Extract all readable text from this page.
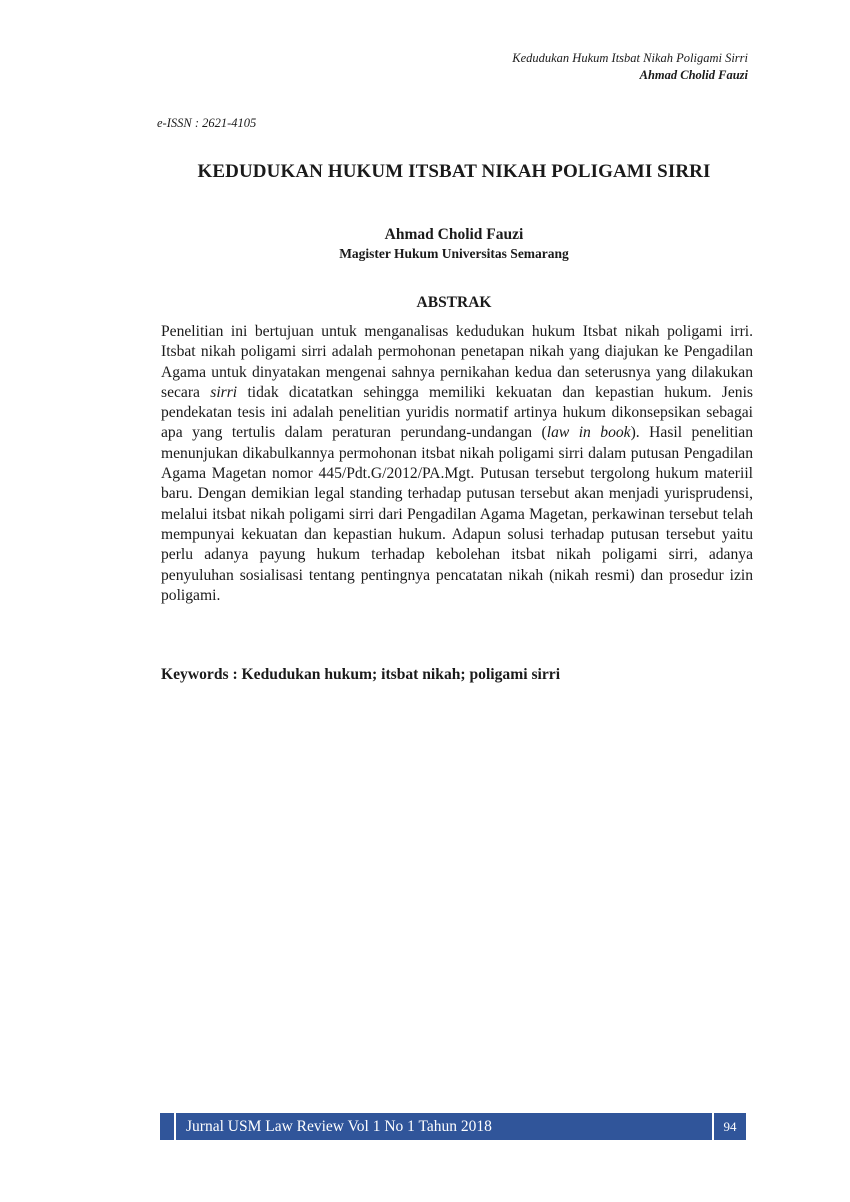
Kedudukan Hukum Itsbat Nikah Poligami Sirri
Ahmad Cholid Fauzi
e-ISSN : 2621-4105
KEDUDUKAN HUKUM ITSBAT NIKAH POLIGAMI SIRRI
Ahmad Cholid Fauzi
Magister Hukum Universitas Semarang
ABSTRAK

Penelitian ini bertujuan untuk menganalisas kedudukan hukum Itsbat nikah poligami irri. Itsbat nikah poligami sirri adalah permohonan penetapan nikah yang diajukan ke Pengadilan Agama untuk dinyatakan mengenai sahnya pernikahan kedua dan seterusnya yang dilakukan secara sirri tidak dicatatkan sehingga memiliki kekuatan dan kepastian hukum. Jenis pendekatan tesis ini adalah penelitian yuridis normatif artinya hukum dikonsepsikan sebagai apa yang tertulis dalam peraturan perundang-undangan (law in book). Hasil penelitian menunjukan dikabulkannya permohonan itsbat nikah poligami sirri dalam putusan Pengadilan Agama Magetan nomor 445/Pdt.G/2012/PA.Mgt. Putusan tersebut tergolong hukum materiil baru. Dengan demikian legal standing terhadap putusan tersebut akan menjadi yurisprudensi, melalui itsbat nikah poligami sirri dari Pengadilan Agama Magetan, perkawinan tersebut telah mempunyai kekuatan dan kepastian hukum. Adapun solusi terhadap putusan tersebut yaitu perlu adanya payung hukum terhadap kebolehan itsbat nikah poligami sirri, adanya penyuluhan sosialisasi tentang pentingnya pencatatan nikah (nikah resmi) dan prosedur izin poligami.

Keywords : Kedudukan hukum; itsbat nikah; poligami sirri
Jurnal USM Law Review Vol 1 No 1 Tahun 2018	94
